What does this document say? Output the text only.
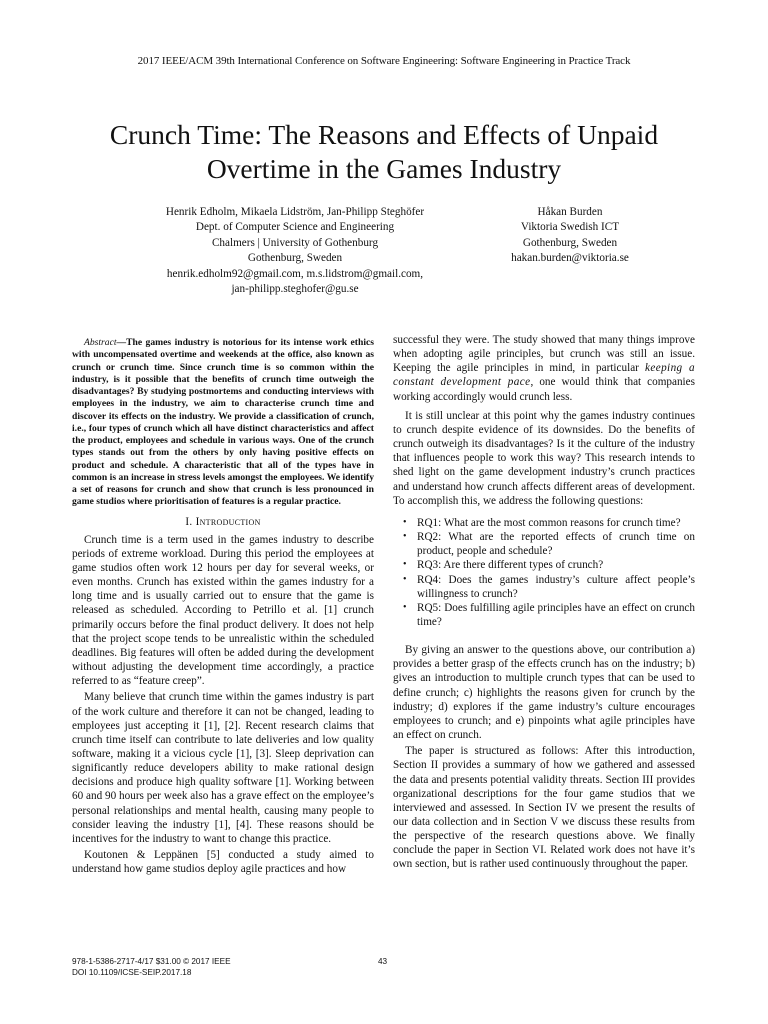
2017 IEEE/ACM 39th International Conference on Software Engineering: Software Engineering in Practice Track
Crunch Time: The Reasons and Effects of Unpaid
Overtime in the Games Industry
Henrik Edholm, Mikaela Lidström, Jan-Philipp Steghöfer
Dept. of Computer Science and Engineering
Chalmers | University of Gothenburg
Gothenburg, Sweden
henrik.edholm92@gmail.com, m.s.lidstrom@gmail.com,
jan-philipp.steghofer@gu.se
Håkan Burden
Viktoria Swedish ICT
Gothenburg, Sweden
hakan.burden@viktoria.se

Abstract—The games industry is notorious for its intense work ethics with uncompensated overtime and weekends at the office, also known as crunch or crunch time. Since crunch time is so common within the industry, is it possible that the benefits of crunch time outweigh the disadvantages? By studying postmortems and conducting interviews with employees in the industry, we aim to characterise crunch time and discover its effects on the industry. We provide a classification of crunch, i.e., four types of crunch which all have distinct characteristics and affect the product, employees and schedule in various ways. One of the crunch types stands out from the others by only having positive effects on product and schedule. A characteristic that all of the types have in common is an increase in stress levels amongst the employees. We identify a set of reasons for crunch and show that crunch is less pronounced in game studios where prioritisation of features is a regular practice.

I. Introduction

Crunch time is a term used in the games industry to describe periods of extreme workload. During this period the employees at game studios often work 12 hours per day for several weeks, or even months. Crunch has existed within the games industry for a long time and is usually carried out to ensure that the game is released as scheduled. According to Petrillo et al. [1] crunch primarily occurs before the final product delivery. It does not help that the project scope tends to be unrealistic within the scheduled deadlines. Big features will often be added during the development without adjusting the development time accordingly, a practice referred to as “feature creep”.

Many believe that crunch time within the games industry is part of the work culture and therefore it can not be changed, leading to employees just accepting it [1], [2]. Recent research claims that crunch time itself can contribute to late deliveries and low quality software, making it a vicious cycle [1], [3]. Sleep deprivation can significantly reduce developers ability to make rational design decisions and produce high quality software [1]. Working between 60 and 90 hours per week also has a grave effect on the employee’s personal relationships and mental health, causing many people to consider leaving the industry [1], [4]. These reasons should be incentives for the industry to want to change this practice.

Koutonen & Leppänen [5] conducted a study aimed to understand how game studios deploy agile practices and how

successful they were. The study showed that many things improve when adopting agile principles, but crunch was still an issue. Keeping the agile principles in mind, in particular keeping a constant development pace, one would think that companies working accordingly would crunch less.

It is still unclear at this point why the games industry continues to crunch despite evidence of its downsides. Do the benefits of crunch outweigh its disadvantages? Is it the culture of the industry that influences people to work this way? This research intends to shed light on the game development industry’s crunch practices and understand how crunch affects different areas of development. To accomplish this, we address the following questions:

• RQ1: What are the most common reasons for crunch time?
• RQ2: What are the reported effects of crunch time on product, people and schedule?
• RQ3: Are there different types of crunch?
• RQ4: Does the games industry’s culture affect people’s willingness to crunch?
• RQ5: Does fulfilling agile principles have an effect on crunch time?

By giving an answer to the questions above, our contribution a) provides a better grasp of the effects crunch has on the industry; b) gives an introduction to multiple crunch types that can be used to define crunch; c) highlights the reasons given for crunch by the industry; d) explores if the game industry’s culture encourages employees to crunch; and e) pinpoints what agile principles have an effect on crunch.

The paper is structured as follows: After this introduction, Section II provides a summary of how we gathered and assessed the data and presents potential validity threats. Section III provides organizational descriptions for the four game studios that we interviewed and assessed. In Section IV we present the results of our data collection and in Section V we discuss these results from the perspective of the research questions above. We finally conclude the paper in Section VI. Related work does not have it’s own section, but is rather used continuously throughout the paper.

978-1-5386-2717-4/17 $31.00 © 2017 IEEE
DOI 10.1109/ICSE-SEIP.2017.18
43
